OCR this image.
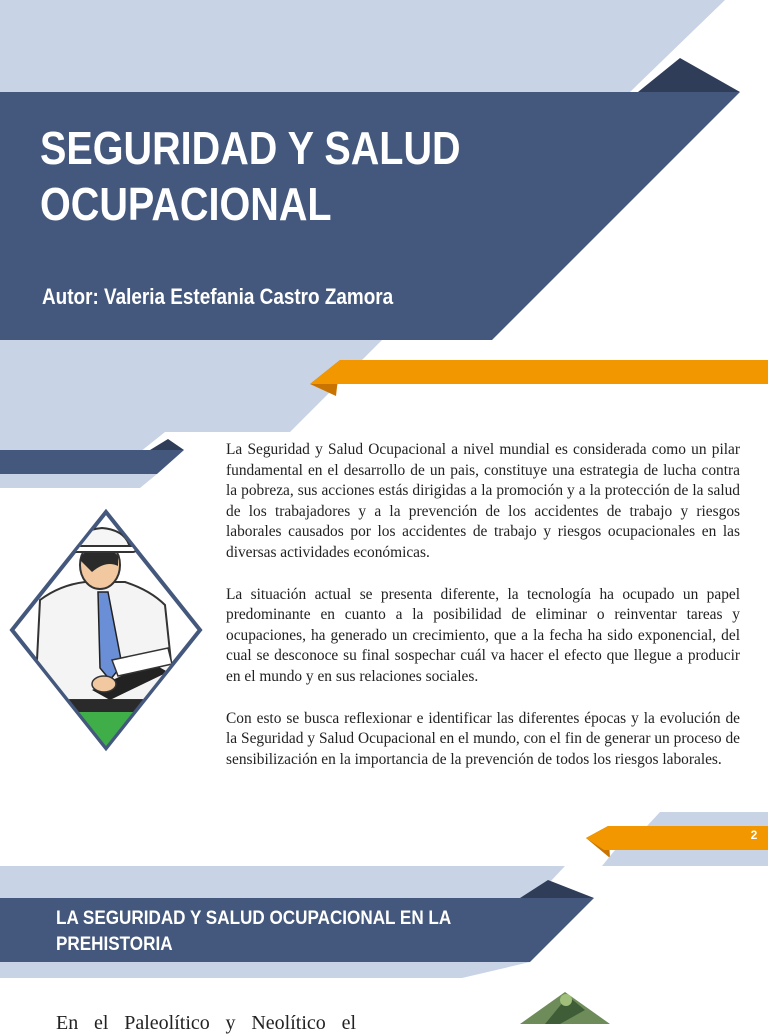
SEGURIDAD Y SALUD OCUPACIONAL
Autor: Valeria Estefania Castro Zamora

La Seguridad y Salud Ocupacional a nivel mundial es considerada como un pilar fundamental en el desarrollo de un pais, constituye una estrategia de lucha contra la pobreza, sus acciones estás dirigidas a la promoción y a la protección de la salud de los trabajadores y a la prevención de los accidentes de trabajo y riesgos laborales causados por los accidentes de trabajo y riesgos ocupacionales en las diversas actividades económicas.

La situación actual se presenta diferente, la tecnología ha ocupado un papel predominante en cuanto a la posibilidad de eliminar o reinventar tareas y ocupaciones, ha generado un crecimiento, que a la fecha ha sido exponencial, del cual se desconoce su final sospechar cuál va hacer el efecto que llegue a producir en el mundo y en sus relaciones sociales.

Con esto se busca reflexionar e identificar las diferentes épocas y la evolución de la Seguridad y Salud Ocupacional en el mundo, con el fin de generar un proceso de sensibilización en la importancia de la prevención de todos los riesgos laborales.

2
LA SEGURIDAD Y SALUD OCUPACIONAL EN LA PREHISTORIA
En el Paleolítico y Neolítico el
